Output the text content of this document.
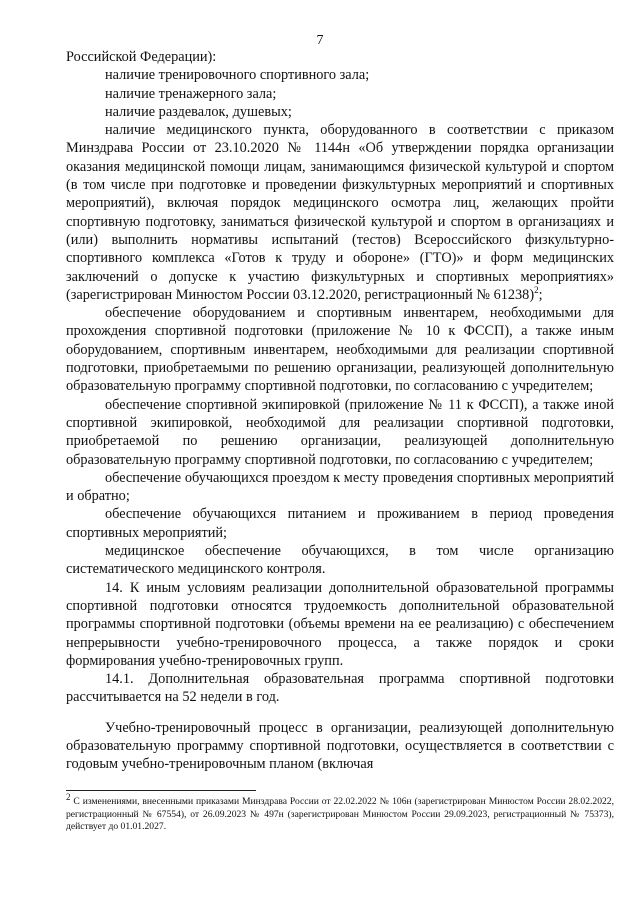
7

Российской Федерации):

наличие тренировочного спортивного зала;

наличие тренажерного зала;

наличие раздевалок, душевых;

наличие медицинского пункта, оборудованного в соответствии с приказом Минздрава России от 23.10.2020 № 1144н «Об утверждении порядка организации оказания медицинской помощи лицам, занимающимся физической культурой и спортом (в том числе при подготовке и проведении физкультурных мероприятий и спортивных мероприятий), включая порядок медицинского осмотра лиц, желающих пройти спортивную подготовку, заниматься физической культурой и спортом в организациях и (или) выполнить нормативы испытаний (тестов) Всероссийского физкультурно-спортивного комплекса «Готов к труду и обороне» (ГТО)» и форм медицинских заключений о допуске к участию физкультурных и спортивных мероприятиях» (зарегистрирован Минюстом России 03.12.2020, регистрационный № 61238)$^2$;

обеспечение оборудованием и спортивным инвентарем, необходимыми для прохождения спортивной подготовки (приложение № 10 к ФССП), а также иным оборудованием, спортивным инвентарем, необходимыми для реализации спортивной подготовки, приобретаемыми по решению организации, реализующей дополнительную образовательную программу спортивной подготовки, по согласованию с учредителем;

обеспечение спортивной экипировкой (приложение № 11 к ФССП), а также иной спортивной экипировкой, необходимой для реализации спортивной подготовки, приобретаемой по решению организации, реализующей дополнительную образовательную программу спортивной подготовки, по согласованию с учредителем;

обеспечение обучающихся проездом к месту проведения спортивных мероприятий и обратно;

обеспечение обучающихся питанием и проживанием в период проведения спортивных мероприятий;

медицинское обеспечение обучающихся, в том числе организацию систематического медицинского контроля.

14. К иным условиям реализации дополнительной образовательной программы спортивной подготовки относятся трудоемкость дополнительной образовательной программы спортивной подготовки (объемы времени на ее реализацию) с обеспечением непрерывности учебно-тренировочного процесса, а также порядок и сроки формирования учебно-тренировочных групп.

14.1. Дополнительная образовательная программа спортивной подготовки рассчитывается на 52 недели в год.

Учебно-тренировочный процесс в организации, реализующей дополнительную образовательную программу спортивной подготовки, осуществляется в соответствии с годовым учебно-тренировочным планом (включая

$^2$ С изменениями, внесенными приказами Минздрава России от 22.02.2022 № 106н (зарегистрирован Минюстом России 28.02.2022, регистрационный № 67554), от 26.09.2023 № 497н (зарегистрирован Минюстом России 29.09.2023, регистрационный № 75373), действует до 01.01.2027.
